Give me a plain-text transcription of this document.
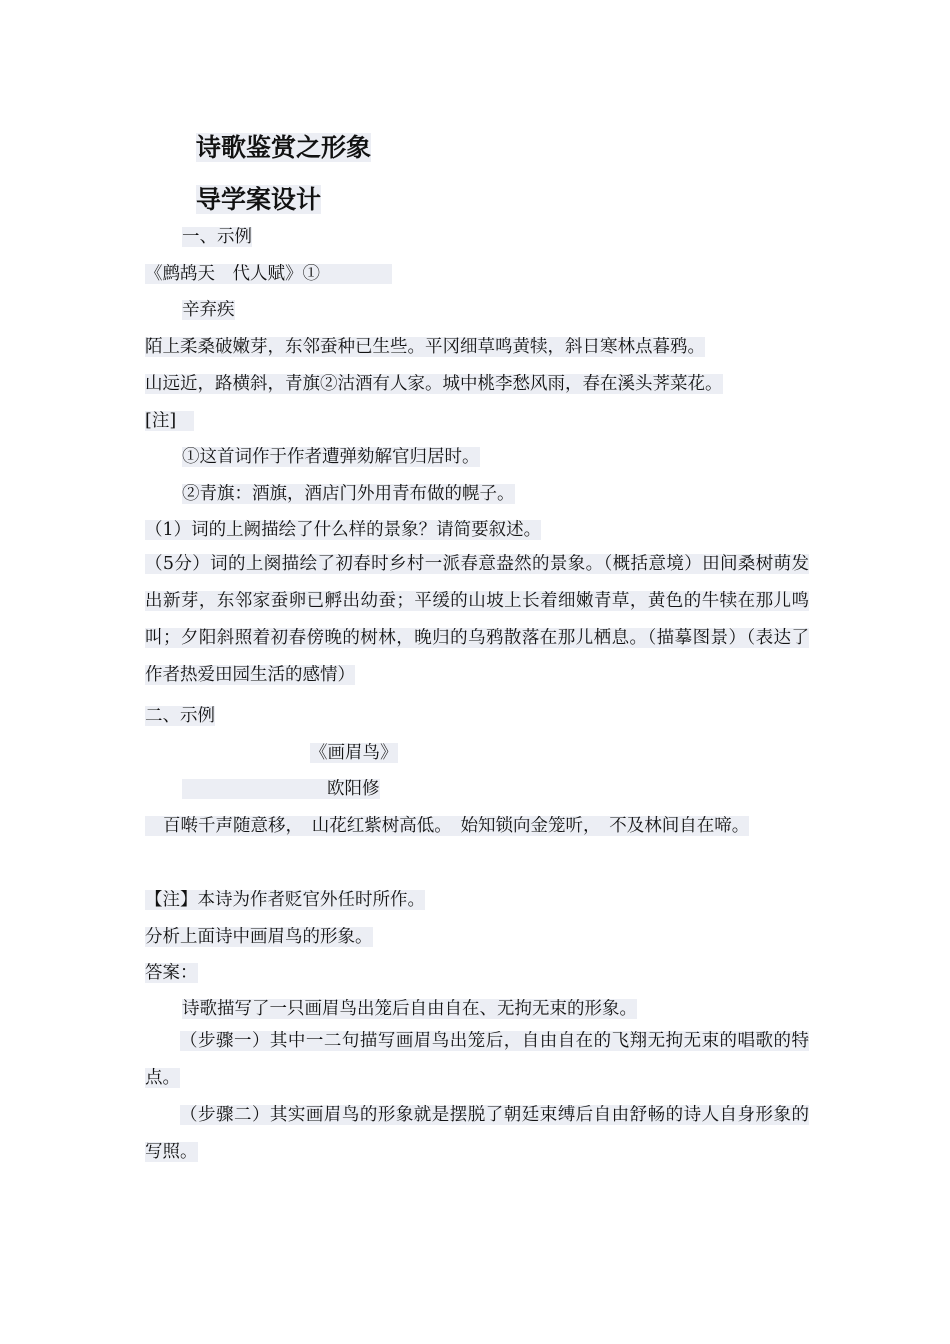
诗歌鉴赏之形象
导学案设计
一、示例
《鹧鸪天　代人赋》①
辛弃疾
陌上柔桑破嫩芽，东邻蚕种已生些。平冈细草鸣黄犊，斜日寒林点暮鸦。
山远近，路横斜，青旗②沽酒有人家。城中桃李愁风雨，春在溪头荠菜花。
[注]
①这首词作于作者遭弹劾解官归居时。
②青旗：酒旗，酒店门外用青布做的幌子。
（1）词的上阙描绘了什么样的景象？请简要叙述。
（5分）词的上阕描绘了初春时乡村一派春意盎然的景象。（概括意境）田间桑树萌发出新芽，东邻家蚕卵已孵出幼蚕；平缓的山坡上长着细嫩青草，黄色的牛犊在那儿鸣叫；夕阳斜照着初春傍晚的树林，晚归的乌鸦散落在那儿栖息。（描摹图景）（表达了作者热爱田园生活的感情）
二、示例
《画眉鸟》
欧阳修
百啭千声随意移，　山花红紫树高低。　始知锁向金笼听，　不及林间自在啼。
【注】本诗为作者贬官外任时所作。
分析上面诗中画眉鸟的形象。
答案：
诗歌描写了一只画眉鸟出笼后自由自在、无拘无束的形象。
（步骤一）其中一二句描写画眉鸟出笼后，自由自在的飞翔无拘无束的唱歌的特点。
（步骤二）其实画眉鸟的形象就是摆脱了朝廷束缚后自由舒畅的诗人自身形象的写照。
